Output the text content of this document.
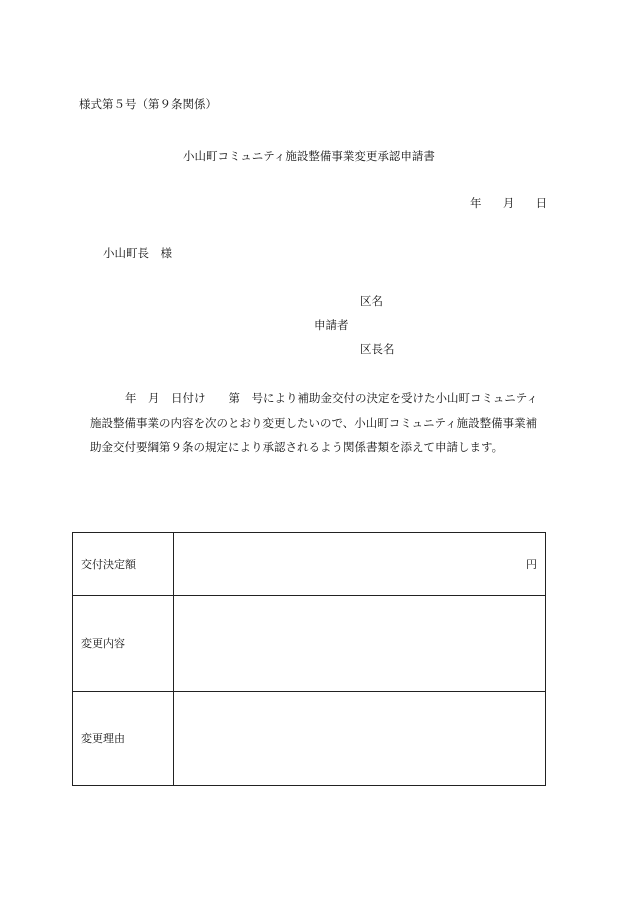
様式第５号（第９条関係）
小山町コミュニティ施設整備事業変更承認申請書
年 月 日
小山町長　様
区名
申請者
区長名
年　月　日付け　　第　号により補助金交付の決定を受けた小山町コミュニティ
施設整備事業の内容を次のとおり変更したいので、小山町コミュニティ施設整備事業補
助金交付要綱第９条の規定により承認されるよう関係書類を添えて申請します。
交付決定額	円
変更内容	
変更理由	
